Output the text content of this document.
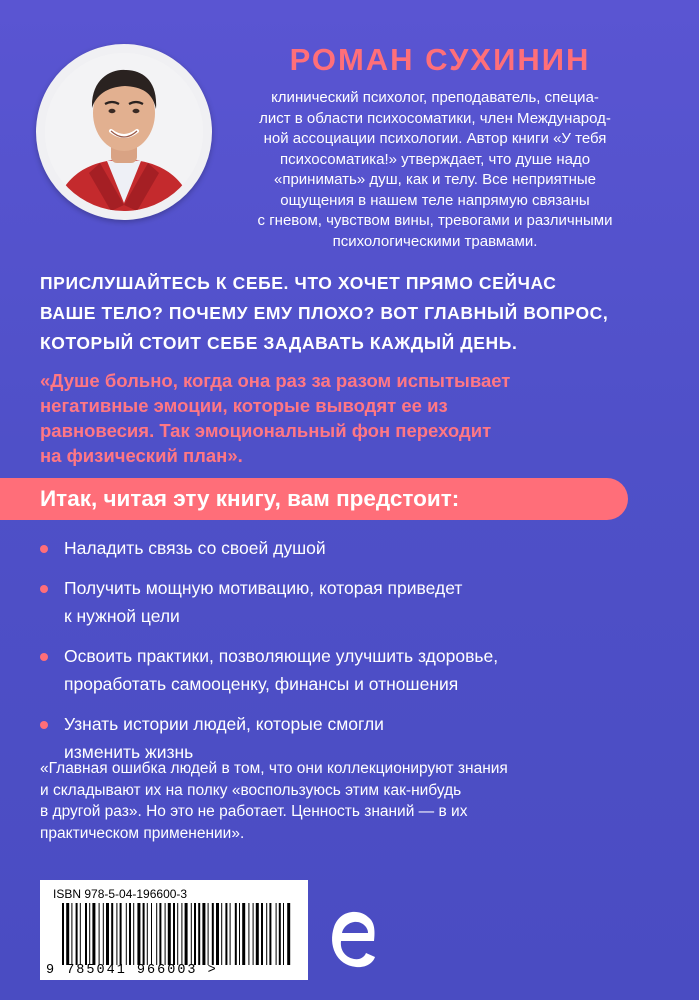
РОМАН СУХИНИН
клинический психолог, преподаватель, специа-
лист в области психосоматики, член Международ-
ной ассоциации психологии. Автор книги «У тебя
психосоматика!» утверждает, что душе надо
«принимать» душ, как и телу. Все неприятные
ощущения в нашем теле напрямую связаны
с гневом, чувством вины, тревогами и различными
психологическими травмами.
ПРИСЛУШАЙТЕСЬ К СЕБЕ. ЧТО ХОЧЕТ ПРЯМО СЕЙЧАС
ВАШЕ ТЕЛО? ПОЧЕМУ ЕМУ ПЛОХО? ВОТ ГЛАВНЫЙ ВОПРОС,
КОТОРЫЙ СТОИТ СЕБЕ ЗАДАВАТЬ КАЖДЫЙ ДЕНЬ.
«Душе больно, когда она раз за разом испытывает
негативные эмоции, которые выводят ее из
равновесия. Так эмоциональный фон переходит
на физический план».
Итак, читая эту книгу, вам предстоит:
Наладить связь со своей душой
Получить мощную мотивацию, которая приведет
к нужной цели
Освоить практики, позволяющие улучшить здоровье,
проработать самооценку, финансы и отношения
Узнать истории людей, которые смогли
изменить жизнь
«Главная ошибка людей в том, что они коллекционируют знания
и складывают их на полку «воспользуюсь этим как-нибудь
в другой раз». Но это не работает. Ценность знаний — в их
практическом применении».
ISBN 978-5-04-196600-3
9 785041 966003 >
